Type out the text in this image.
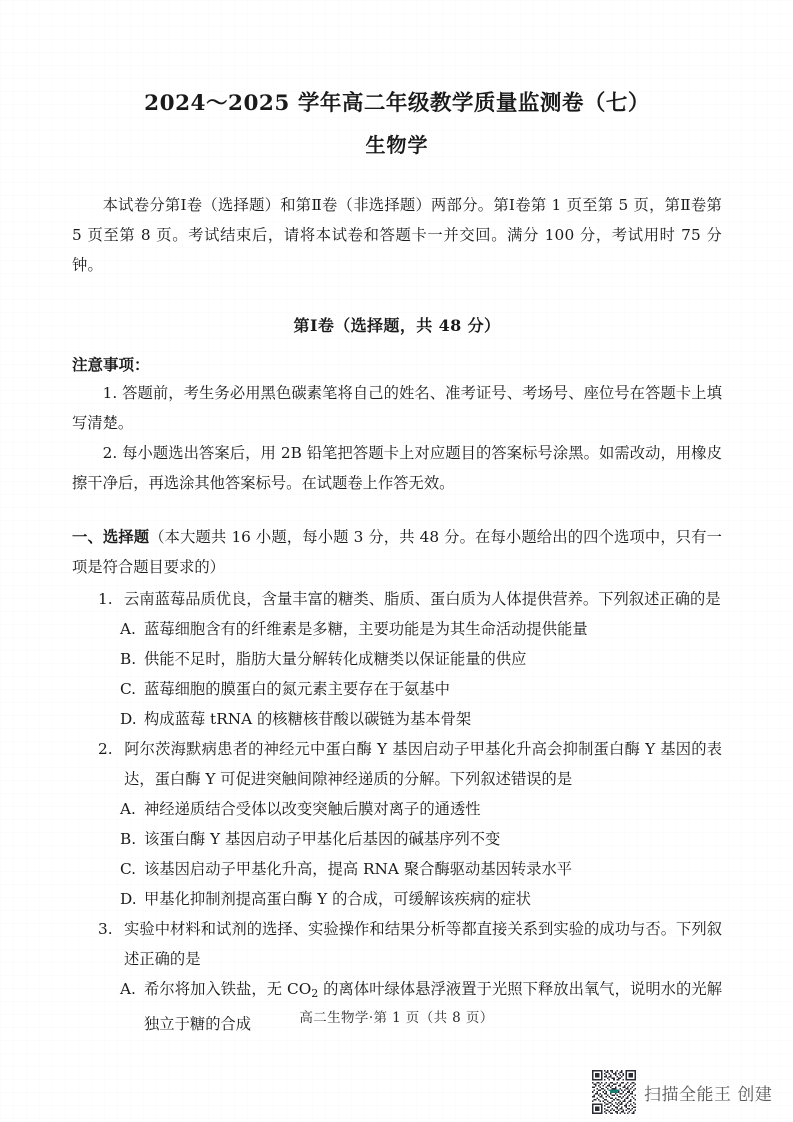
2024～2025 学年高二年级教学质量监测卷（七）
生物学
本试卷分第Ⅰ卷（选择题）和第Ⅱ卷（非选择题）两部分。第Ⅰ卷第 1 页至第 5 页，第Ⅱ卷第 5 页至第 8 页。考试结束后，请将本试卷和答题卡一并交回。满分 100 分，考试用时 75 分钟。
第Ⅰ卷（选择题，共 48 分）
注意事项：
1. 答题前，考生务必用黑色碳素笔将自己的姓名、准考证号、考场号、座位号在答题卡上填写清楚。
2. 每小题选出答案后，用 2B 铅笔把答题卡上对应题目的答案标号涂黑。如需改动，用橡皮擦干净后，再选涂其他答案标号。在试题卷上作答无效。
一、选择题（本大题共 16 小题，每小题 3 分，共 48 分。在每小题给出的四个选项中，只有一项是符合题目要求的）
1. 云南蓝莓品质优良，含量丰富的糖类、脂质、蛋白质为人体提供营养。下列叙述正确的是
A. 蓝莓细胞含有的纤维素是多糖，主要功能是为其生命活动提供能量
B. 供能不足时，脂肪大量分解转化成糖类以保证能量的供应
C. 蓝莓细胞的膜蛋白的氮元素主要存在于氨基中
D. 构成蓝莓 tRNA 的核糖核苷酸以碳链为基本骨架
2. 阿尔茨海默病患者的神经元中蛋白酶 Y 基因启动子甲基化升高会抑制蛋白酶 Y 基因的表达，蛋白酶 Y 可促进突触间隙神经递质的分解。下列叙述错误的是
A. 神经递质结合受体以改变突触后膜对离子的通透性
B. 该蛋白酶 Y 基因启动子甲基化后基因的碱基序列不变
C. 该基因启动子甲基化升高，提高 RNA 聚合酶驱动基因转录水平
D. 甲基化抑制剂提高蛋白酶 Y 的合成，可缓解该疾病的症状
3. 实验中材料和试剂的选择、实验操作和结果分析等都直接关系到实验的成功与否。下列叙述正确的是
A. 希尔将加入铁盐，无 $CO_2$ 的离体叶绿体悬浮液置于光照下释放出氧气，说明水的光解独立于糖的合成	高二生物学·第 1 页（共 8 页）
扫描全能王 创建
